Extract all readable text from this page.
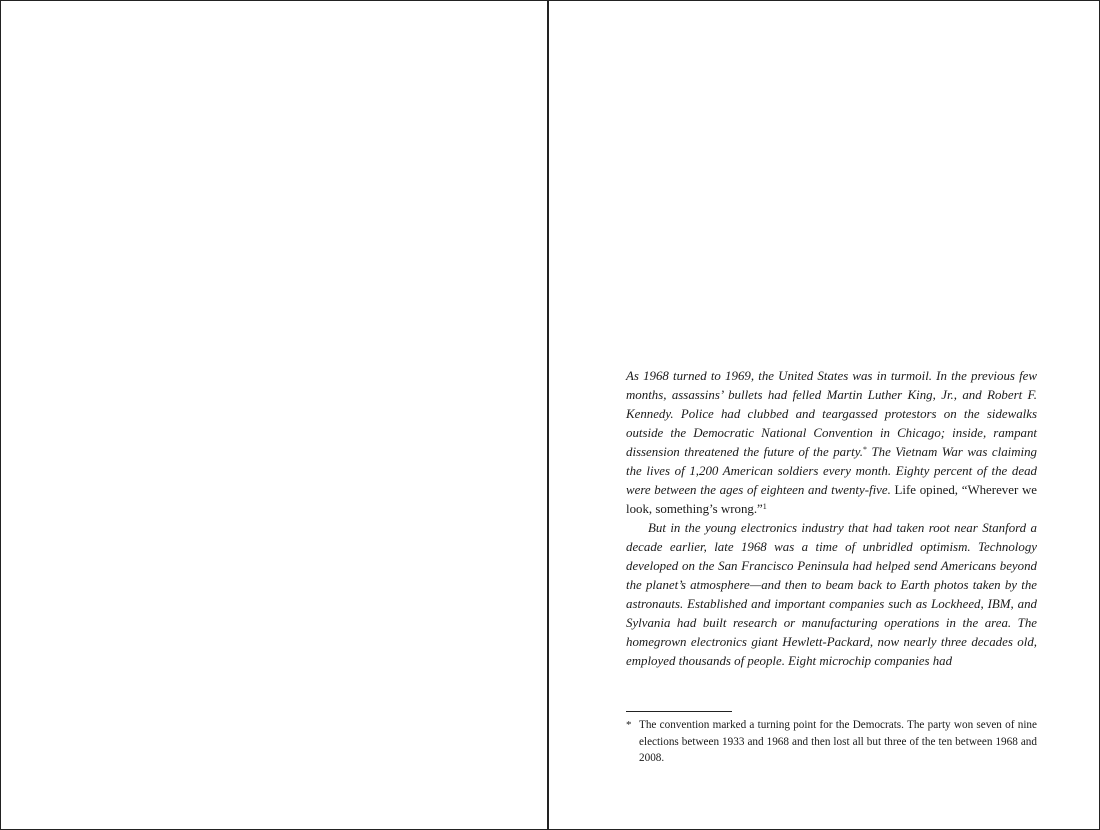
As 1968 turned to 1969, the United States was in turmoil. In the previous few months, assassins’ bullets had felled Martin Luther King, Jr., and Robert F. Kennedy. Police had clubbed and teargassed protestors on the sidewalks outside the Democratic National Convention in Chicago; inside, rampant dissension threatened the future of the party.* The Vietnam War was claiming the lives of 1,200 American soldiers every month. Eighty percent of the dead were between the ages of eighteen and twenty-five. Life opined, “Wherever we look, something’s wrong.”$^1$

But in the young electronics industry that had taken root near Stanford a decade earlier, late 1968 was a time of unbridled optimism. Technology developed on the San Francisco Peninsula had helped send Americans beyond the planet’s atmosphere—and then to beam back to Earth photos taken by the astronauts. Established and important companies such as Lockheed, IBM, and Sylvania had built research or manufacturing operations in the area. The homegrown electronics giant Hewlett-Packard, now nearly three decades old, employed thousands of people. Eight microchip companies had

* The convention marked a turning point for the Democrats. The party won seven of nine elections between 1933 and 1968 and then lost all but three of the ten between 1968 and 2008.
